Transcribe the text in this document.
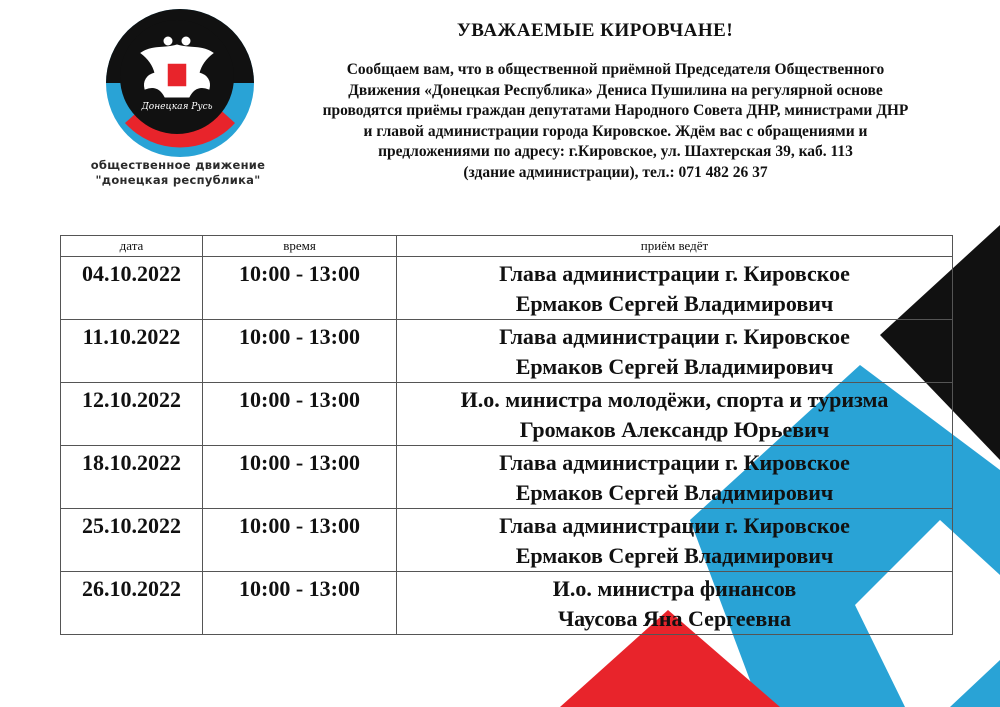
Донецкая Русь
общественное движение
"донецкая республика"
УВАЖАЕМЫЕ КИРОВЧАНЕ!
Сообщаем вам, что в общественной приёмной Председателя Общественного
Движения «Донецкая Республика» Дениса Пушилина на регулярной основе
проводятся приёмы граждан депутатами Народного Совета ДНР, министрами ДНР
и главой администрации города Кировское. Ждём вас с обращениями и
предложениями по адресу: г.Кировское, ул. Шахтерская 39, каб. 113
(здание администрации), тел.: 071 482 26 37
дата	время	приём ведёт
04.10.2022	10:00 - 13:00	Глава администрации г. Кировское
Ермаков Сергей Владимирович

11.10.2022	10:00 - 13:00	Глава администрации г. Кировское
Ермаков Сергей Владимирович

12.10.2022	10:00 - 13:00	И.о. министра молодёжи, спорта и туризма
Громаков Александр Юрьевич

18.10.2022	10:00 - 13:00	Глава администрации г. Кировское
Ермаков Сергей Владимирович

25.10.2022	10:00 - 13:00	Глава администрации г. Кировское
Ермаков Сергей Владимирович

26.10.2022	10:00 - 13:00	И.о. министра финансов
Чаусова Яна Сергеевна
